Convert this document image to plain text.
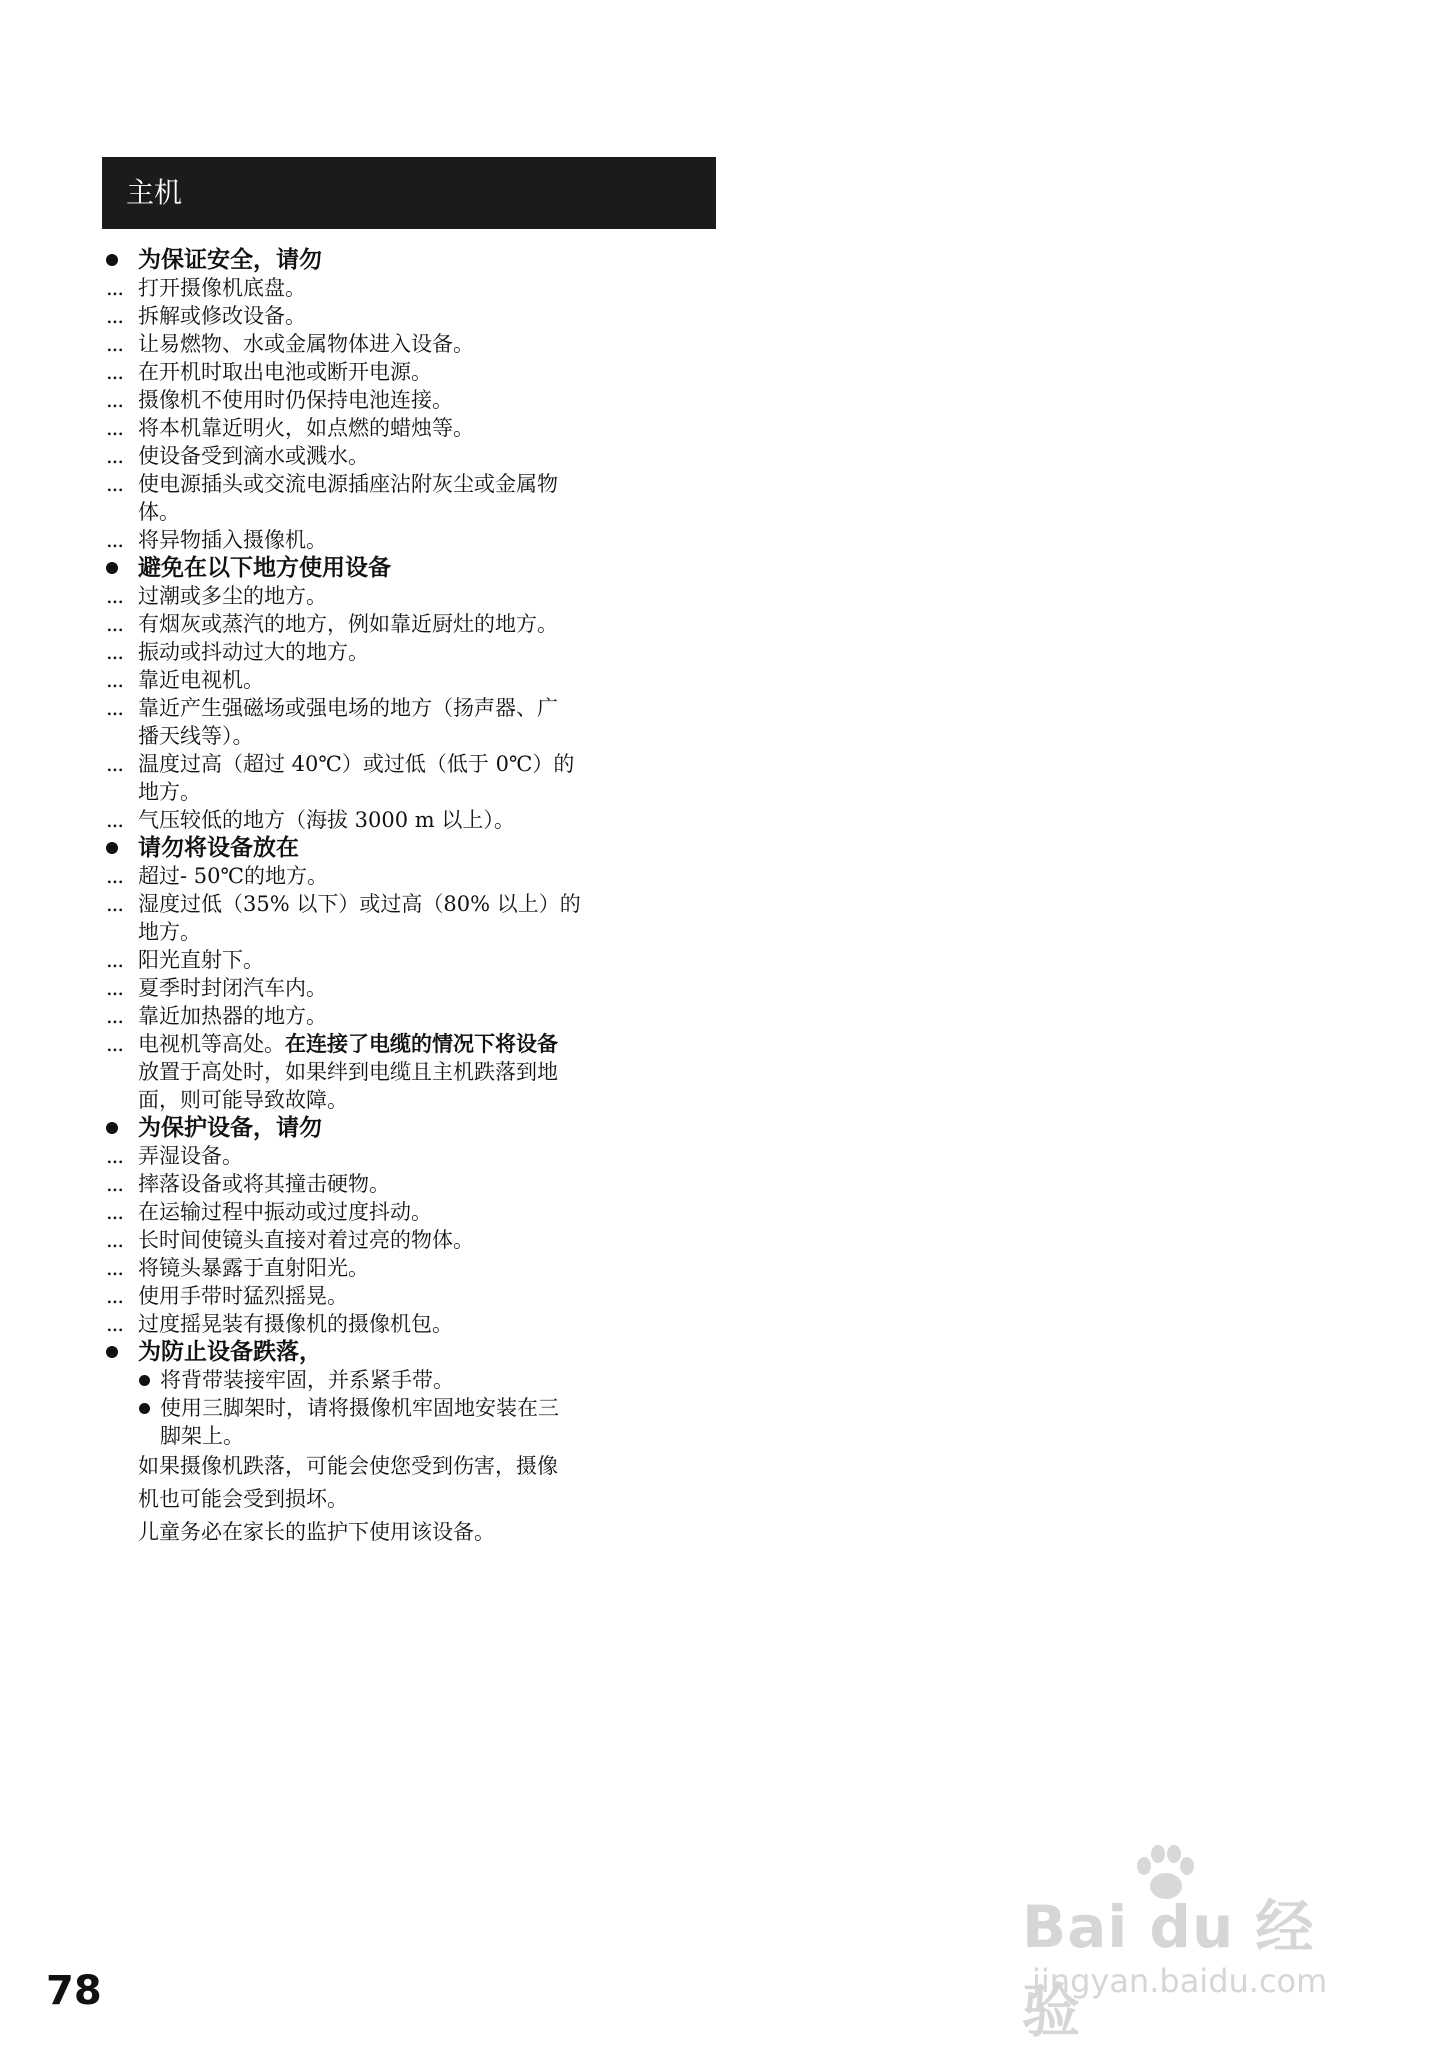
主机
为保证安全，请勿
... 打开摄像机底盘。
... 拆解或修改设备。
... 让易燃物、水或金属物体进入设备。
... 在开机时取出电池或断开电源。
... 摄像机不使用时仍保持电池连接。
... 将本机靠近明火，如点燃的蜡烛等。
... 使设备受到滴水或溅水。
... 使电源插头或交流电源插座沾附灰尘或金属物
体。
... 将异物插入摄像机。
避免在以下地方使用设备
... 过潮或多尘的地方。
... 有烟灰或蒸汽的地方，例如靠近厨灶的地方。
... 振动或抖动过大的地方。
... 靠近电视机。
... 靠近产生强磁场或强电场的地方（扬声器、广
播天线等）。
... 温度过高（超过 40℃）或过低（低于 0℃）的
地方。
... 气压较低的地方（海拔 3000 m 以上）。
请勿将设备放在
... 超过- 50℃的地方。
... 湿度过低（35% 以下）或过高（80% 以上）的
地方。
... 阳光直射下。
... 夏季时封闭汽车内。
... 靠近加热器的地方。
... 电视机等高处。在连接了电缆的情况下将设备
放置于高处时，如果绊到电缆且主机跌落到地
面，则可能导致故障。
为保护设备，请勿
... 弄湿设备。
... 摔落设备或将其撞击硬物。
... 在运输过程中振动或过度抖动。
... 长时间使镜头直接对着过亮的物体。
... 将镜头暴露于直射阳光。
... 使用手带时猛烈摇晃。
... 过度摇晃装有摄像机的摄像机包。
为防止设备跌落，
将背带装接牢固，并系紧手带。
使用三脚架时，请将摄像机牢固地安装在三
脚架上。
如果摄像机跌落，可能会使您受到伤害，摄像
机也可能会受到损坏。
儿童务必在家长的监护下使用该设备。
78
Bai du 经验
jingyan.baidu.com
